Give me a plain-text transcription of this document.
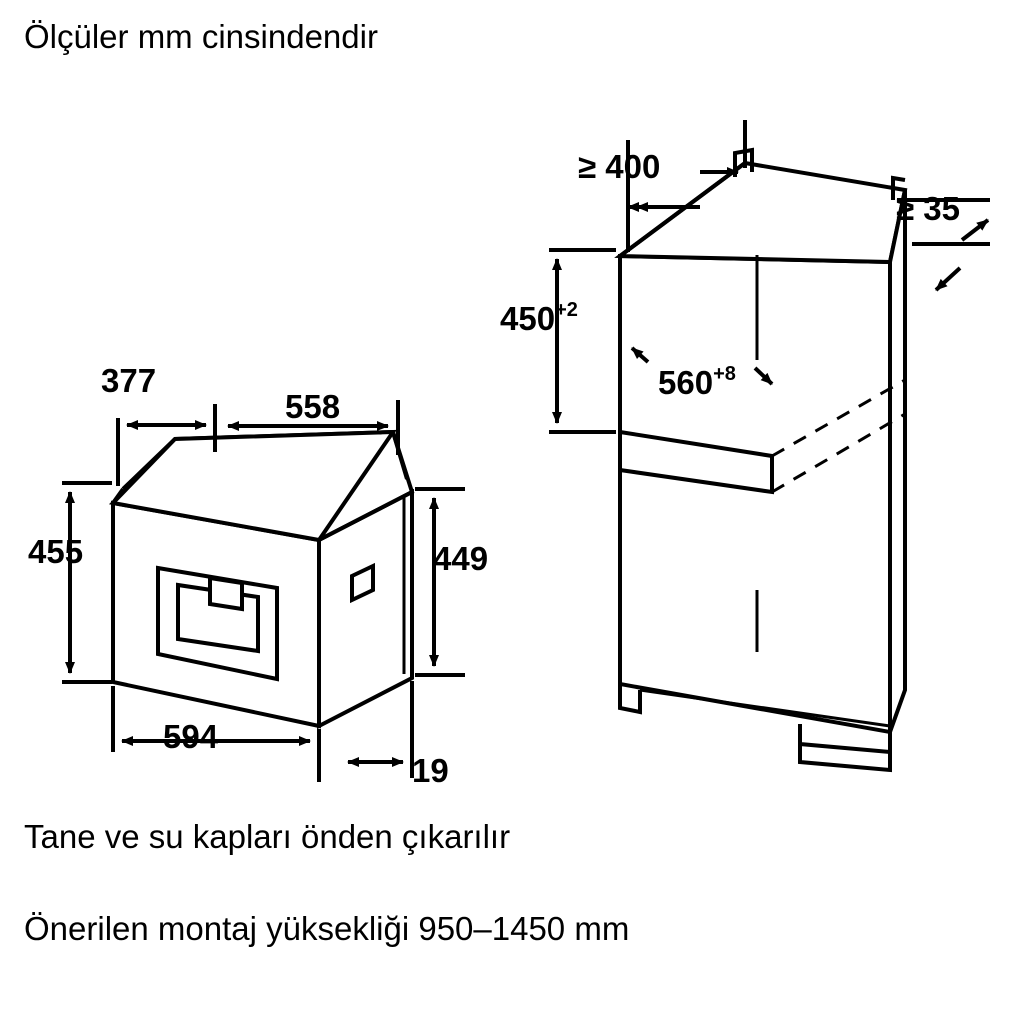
Ölçüler mm cinsindendir
377
558
455	449
594
19
≥ 400
≥ 35
$450^{+2}$
$560^{+8}$
Tane ve su kapları önden çıkarılır
Önerilen montaj yüksekliği 950–1450 mm
